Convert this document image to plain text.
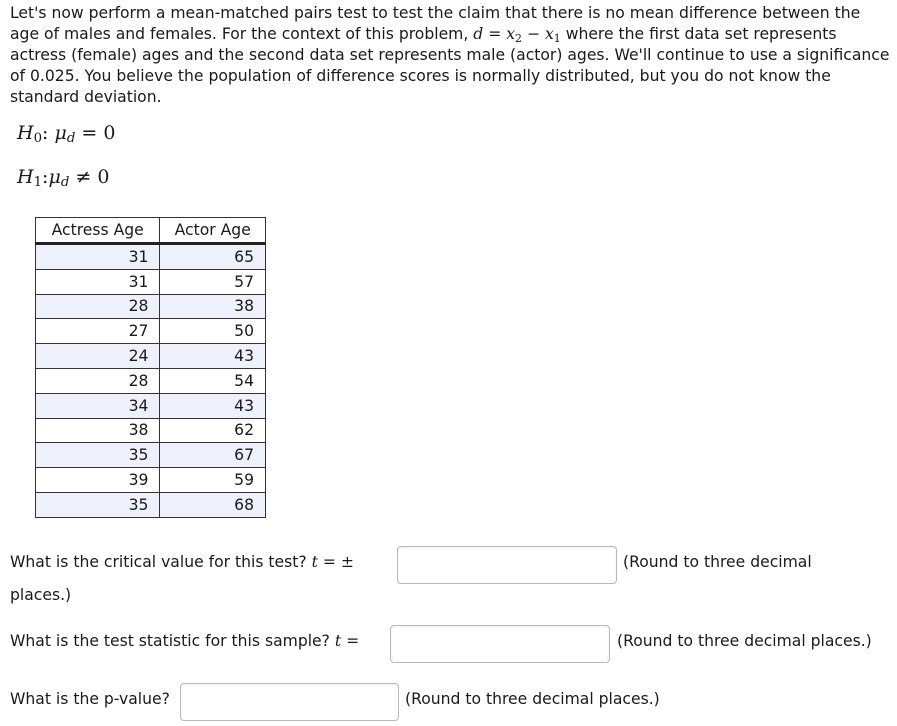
Let's now perform a mean-matched pairs test to test the claim that there is no mean difference between the age of males and females. For the context of this problem, $d = x_2 - x_1$ where the first data set represents actress (female) ages and the second data set represents male (actor) ages. We'll continue to use a significance of 0.025. You believe the population of difference scores is normally distributed, but you do not know the standard deviation.
$H_0$: $\mu_d = 0$
$H_1:\mu_d \ne 0$
Actress Age	Actor Age
31	65
31	57
28	38
27	50
24	43
28	54
34	43
38	62
35	67
39	59
35	68
What is the critical value for this test? t = ±	(Round to three decimal
places.)
What is the test statistic for this sample? t =	(Round to three decimal places.)
What is the p-value?	(Round to three decimal places.)
